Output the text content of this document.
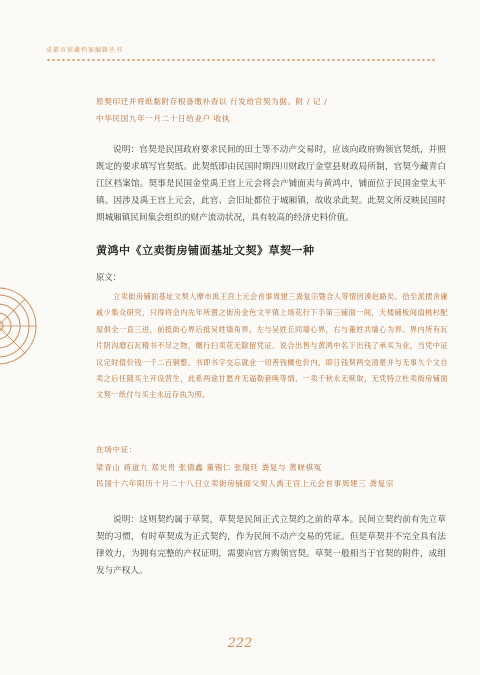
成都市馆藏档案编辑丛书
原契印迁并将纸黏附存根备缴补查以 行发给官契为据。附 / 记 /
中华民国九年一月二十日给业户 收执

说明：官契是民国政府要求民间的田土等不动产交易时，应该向政府购领官契纸，并照既定的要求填写官契纸。此契纸即由民国时期四川财政厅金堂县财政局所制，官契今藏青白江区档案馆。契事是民国金堂禹王宫上元会将会产铺面卖与黄鸿中，铺面位于民国金堂太平镇。因涉及禹王宫上元会，此官、会旧址都位于城厢镇，故收录此契。此契文所反映民国时期城厢镇民间集会组织的财产流动状况，具有较高的经济史料价值。

黄鸿中《立卖街房铺面基址文契》草契一种
原文：

立卖街房铺面基址文契人摩市禹王宫上元会首事周建三粪复宗暨合人等情因凑赵路矣。拾至派摺舍庸戚少集众研究，只得将会内先年所置之街房金色文平镇上场花行下手第三铺面一间，天楼铺板间扇桃杉配屋俱全一直三进，前抵街心界后抵吴姓墙角界，左与吴姓丘同墙心界，右与董姓共墙心为界。界内所有瓦片阴沟磨石瓦精书不尽之物，概行扫卖花无除留凭证。说合出售与黄鸿中名下出钱了承买为业，当凭中证议定时值价钱一千二百铜整。书即书字交忘就业一切善钱概也价内，即日钱契两交清楚并与无事久个文自卖之后任随买主开设营生，此系两途甘愿并无逼勒套唤等情，一卖千秋永无赎取，无凭特立杜卖街房铺面文契一纸付与买主永远存执为照。

在场中证：
梁青山 蒋道九 郑光贵 张德鑫 董锡仁 张瑞廷 粪复与 黄晓棋冤
民国十六年阳历十月二十八日立卖街房铺面父契人禹王宫上元会首事周建三 粪复宗

说明：这则契约属于草契，草契是民间正式立契约之前的草本。民间立契约前有先立草契的习惯，有时草契成为正式契约，作为民间不动产交易的凭证。但是草契并不完全具有法律效力，为拥有完整的产权证明，需要向官方购领官契。草契一般相当于官契的附件，成组发与产权人。

222
